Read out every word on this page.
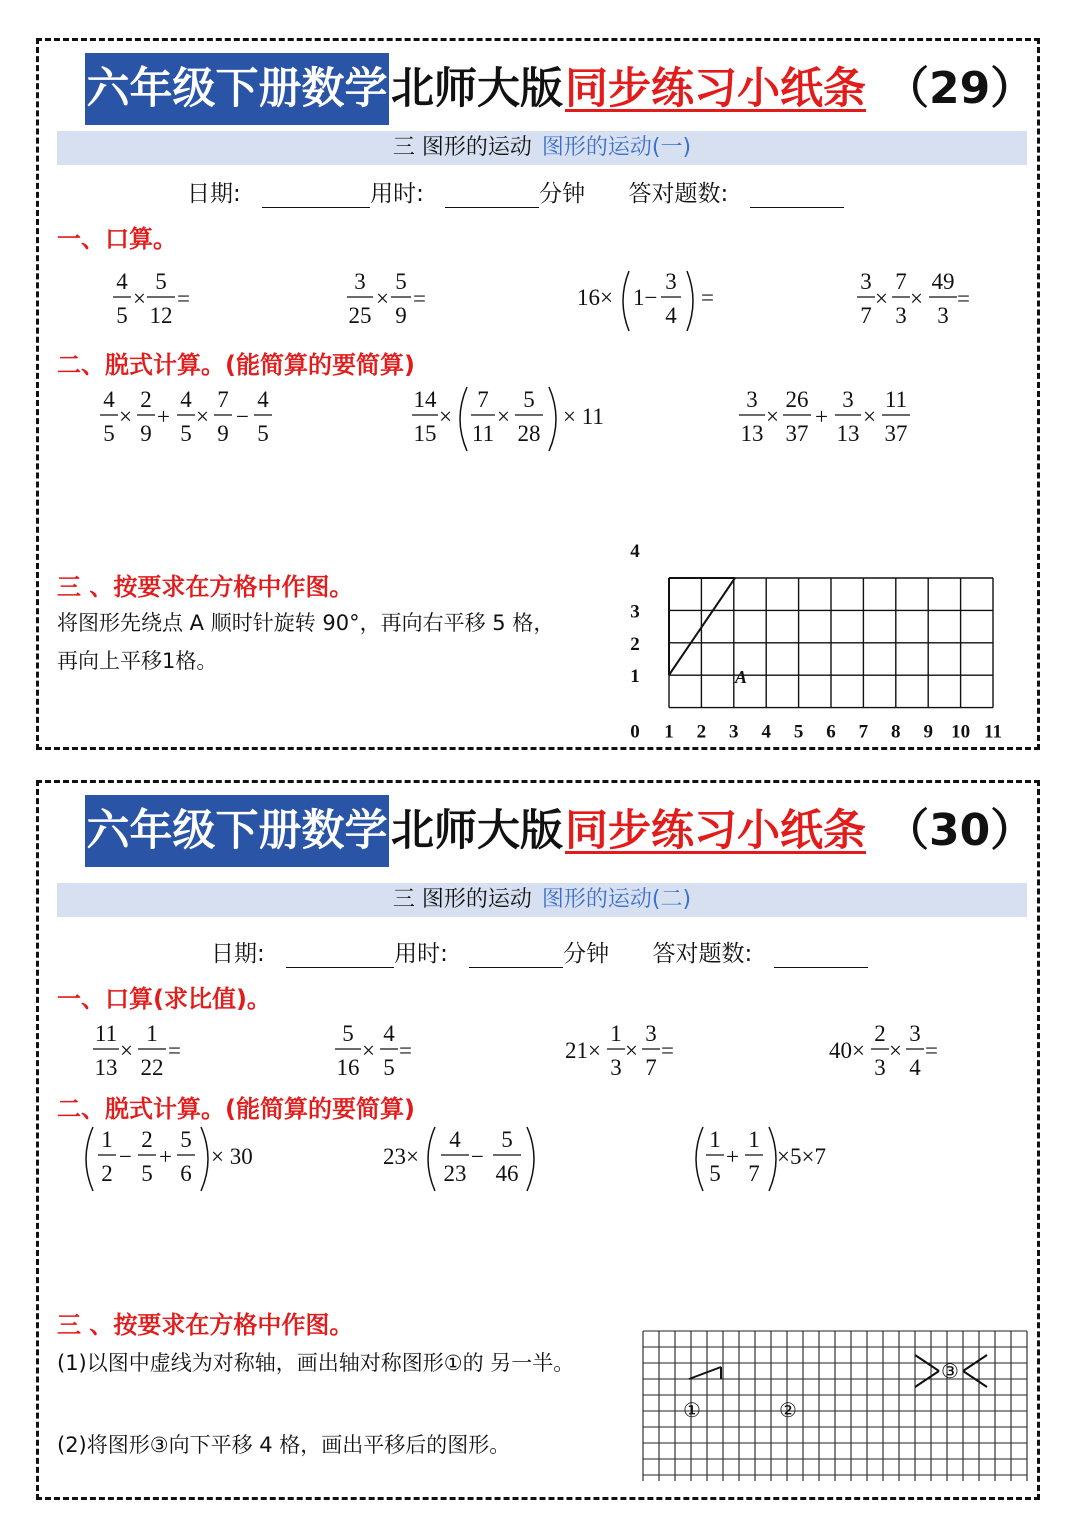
六年级下册数学 北师大版 同步练习小纸条 （29）
三 图形的运动 图形的运动(一)
日期:	用时:	分钟 答对题数:
一、口算。
4
5
×
5
12
=
3
25
×
5
9
=	16× 1−
3
4
=
3
7
×
7
3
×
49
3
=
二、脱式计算。(能简算的要简算)
4
5
×
2
9
+
4
5
×
7
9
−
4
5
14
15
×
7
11
×
5
28
× 11
3
13
×
26
37
+
3
13
×
11
37
三 、按要求在方格中作图。
将图形先绕点 A 顺时针旋转 90°，再向右平移 5 格，
再向上平移1格。
A
0 1 2 3 4 5 6 7 8 9 10 11
1
2
3
4
六年级下册数学 北师大版 同步练习小纸条 （30）
三 图形的运动 图形的运动(二)
日期:	用时:	分钟 答对题数:
一、口算(求比值)。
11
13
×
1
22
=
5
16
×
4
5
=	21×
1
3
×
3
7
=	40×
2
3
×
3
4
=
二、脱式计算。(能简算的要简算)
1
2
−
2
5
+
5
6
× 30	23×
4
23
−
5
46
1
5
+
1
7
×5×7
三 、按要求在方格中作图。
(1)以图中虚线为对称轴，画出轴对称图形①的 另一半。
(2)将图形③向下平移 4 格，画出平移后的图形。
①	②
③
